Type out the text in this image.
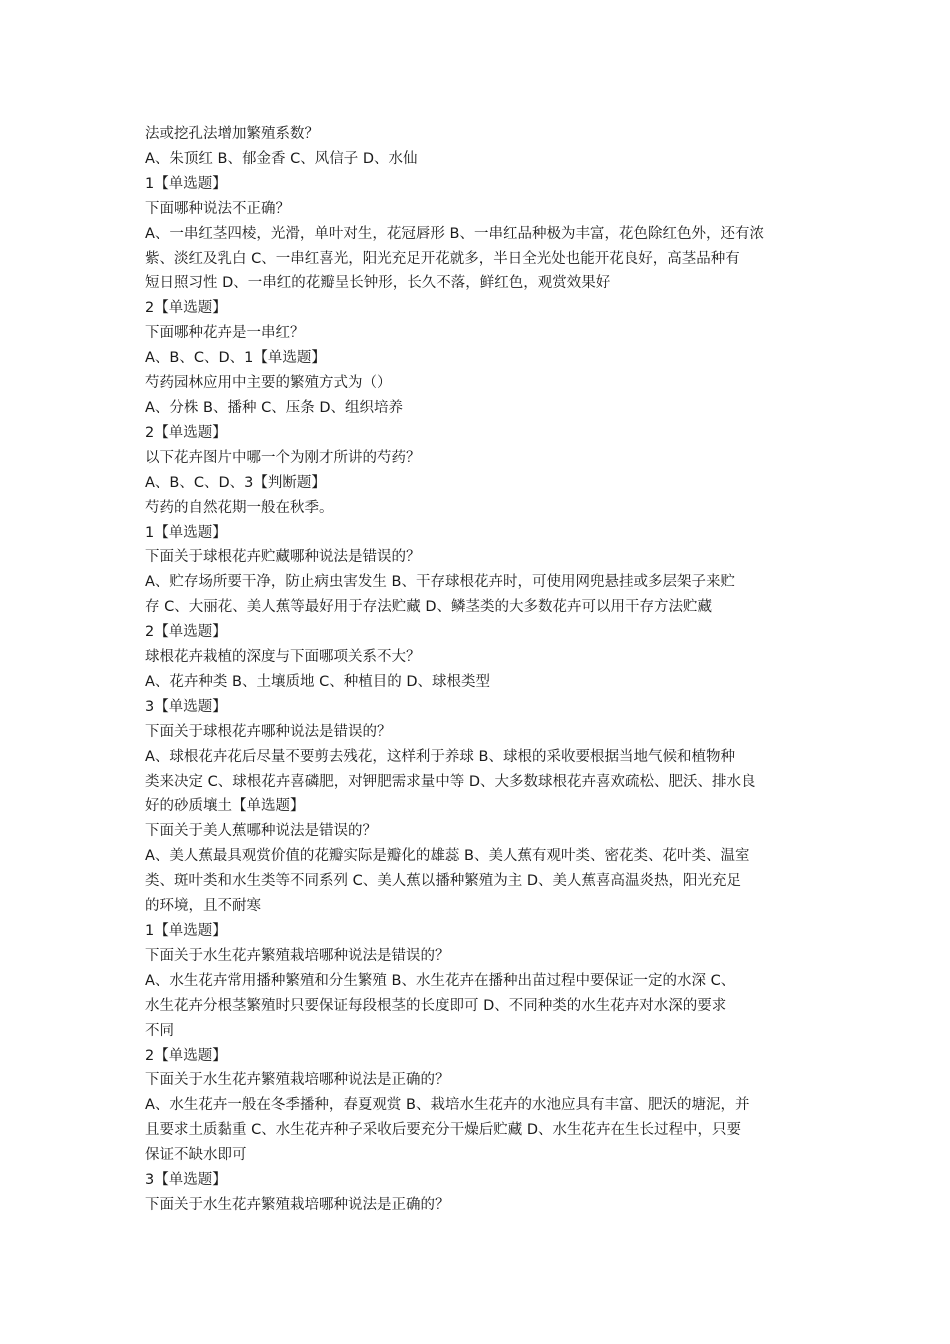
法或挖孔法增加繁殖系数？

A、朱顶红 B、郁金香 C、风信子 D、水仙

1【单选题】

下面哪种说法不正确？

A、一串红茎四棱，光滑，单叶对生，花冠唇形 B、一串红品种极为丰富，花色除红色外，还有浓

紫、淡红及乳白 C、一串红喜光，阳光充足开花就多，半日全光处也能开花良好，高茎品种有

短日照习性 D、一串红的花瓣呈长钟形，长久不落，鲜红色，观赏效果好

2【单选题】

下面哪种花卉是一串红？

A、B、C、D、1【单选题】

芍药园林应用中主要的繁殖方式为（）

A、分株 B、播种 C、压条 D、组织培养

2【单选题】

以下花卉图片中哪一个为刚才所讲的芍药？

A、B、C、D、3【判断题】

芍药的自然花期一般在秋季。

1【单选题】

下面关于球根花卉贮藏哪种说法是错误的？

A、贮存场所要干净，防止病虫害发生 B、干存球根花卉时，可使用网兜悬挂或多层架子来贮

存 C、大丽花、美人蕉等最好用于存法贮藏 D、鳞茎类的大多数花卉可以用干存方法贮藏

2【单选题】

球根花卉栽植的深度与下面哪项关系不大？

A、花卉种类 B、土壤质地 C、种植目的 D、球根类型

3【单选题】

下面关于球根花卉哪种说法是错误的？

A、球根花卉花后尽量不要剪去残花，这样利于养球 B、球根的采收要根据当地气候和植物种

类来决定 C、球根花卉喜磷肥，对钾肥需求量中等 D、大多数球根花卉喜欢疏松、肥沃、排水良

好的砂质壤土【单选题】

下面关于美人蕉哪种说法是错误的？

A、美人蕉最具观赏价值的花瓣实际是瓣化的雄蕊 B、美人蕉有观叶类、密花类、花叶类、温室

类、斑叶类和水生类等不同系列 C、美人蕉以播种繁殖为主 D、美人蕉喜高温炎热，阳光充足

的环境，且不耐寒

1【单选题】

下面关于水生花卉繁殖栽培哪种说法是错误的？

A、水生花卉常用播种繁殖和分生繁殖 B、水生花卉在播种出苗过程中要保证一定的水深 C、

水生花卉分根茎繁殖时只要保证每段根茎的长度即可 D、不同种类的水生花卉对水深的要求

不同

2【单选题】

下面关于水生花卉繁殖栽培哪种说法是正确的？

A、水生花卉一般在冬季播种，春夏观赏 B、栽培水生花卉的水池应具有丰富、肥沃的塘泥，并

且要求土质黏重 C、水生花卉种子采收后要充分干燥后贮藏 D、水生花卉在生长过程中，只要

保证不缺水即可

3【单选题】

下面关于水生花卉繁殖栽培哪种说法是正确的？
